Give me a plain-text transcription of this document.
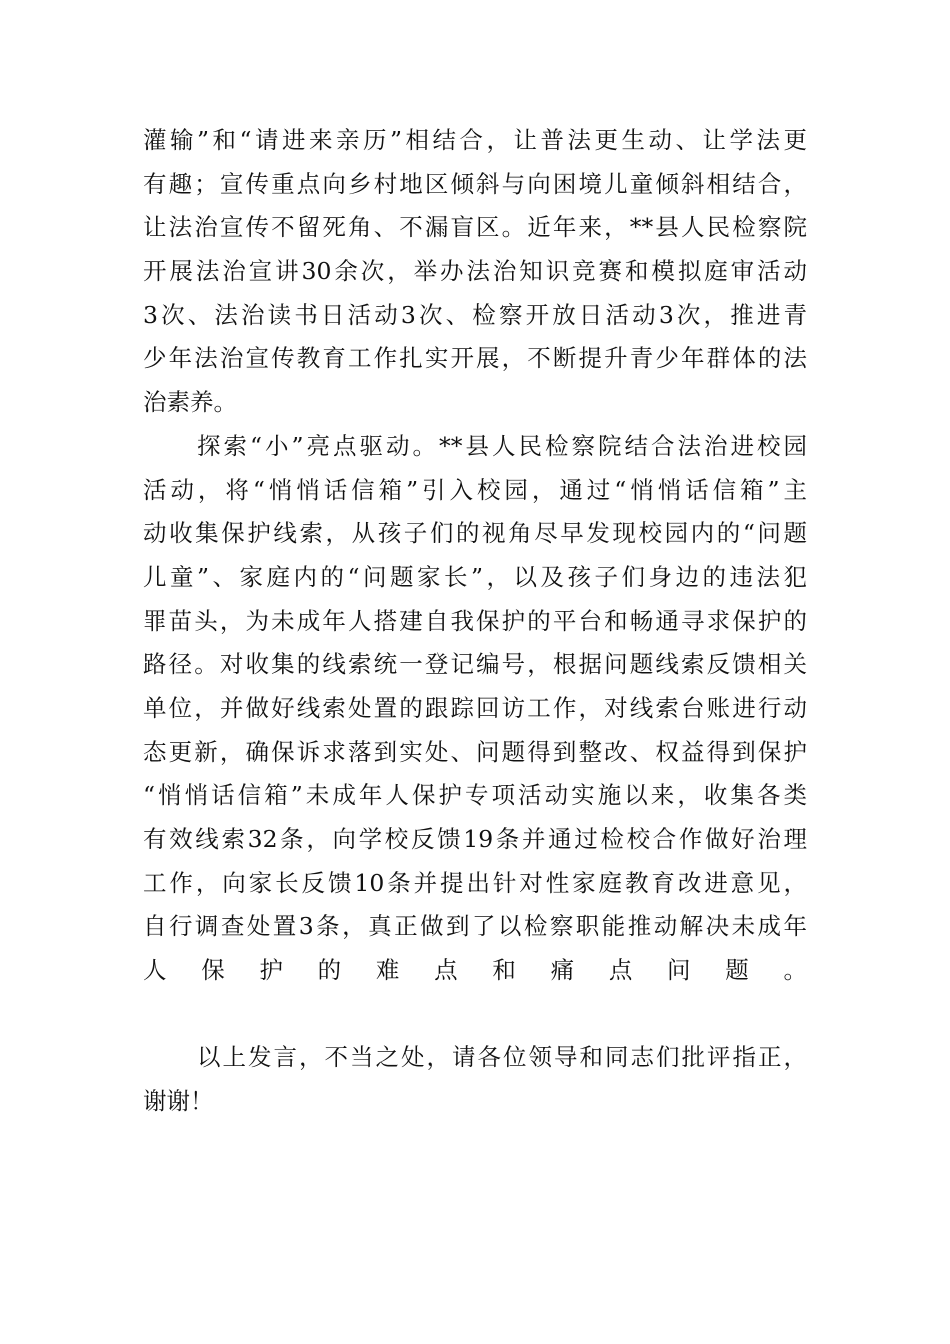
灌输”和“请进来亲历”相结合，让普法更生动、让学法更
有趣；宣传重点向乡村地区倾斜与向困境儿童倾斜相结合，
让法治宣传不留死角、不漏盲区。近年来，**县人民检察院
开展法治宣讲30余次，举办法治知识竞赛和模拟庭审活动
3次、法治读书日活动3次、检察开放日活动3次，推进青
少年法治宣传教育工作扎实开展，不断提升青少年群体的法
治素养。
探索“小”亮点驱动。**县人民检察院结合法治进校园
活动，将“悄悄话信箱”引入校园，通过“悄悄话信箱”主
动收集保护线索，从孩子们的视角尽早发现校园内的“问题
儿童”、家庭内的“问题家长”，以及孩子们身边的违法犯
罪苗头，为未成年人搭建自我保护的平台和畅通寻求保护的
路径。对收集的线索统一登记编号，根据问题线索反馈相关
单位，并做好线索处置的跟踪回访工作，对线索台账进行动
态更新，确保诉求落到实处、问题得到整改、权益得到保护
“悄悄话信箱”未成年人保护专项活动实施以来，收集各类
有效线索32条，向学校反馈19条并通过检校合作做好治理
工作，向家长反馈10条并提出针对性家庭教育改进意见，
自行调查处置3条，真正做到了以检察职能推动解决未成年
人保护的难点和痛点问题。
以上发言，不当之处，请各位领导和同志们批评指正，
谢谢！
